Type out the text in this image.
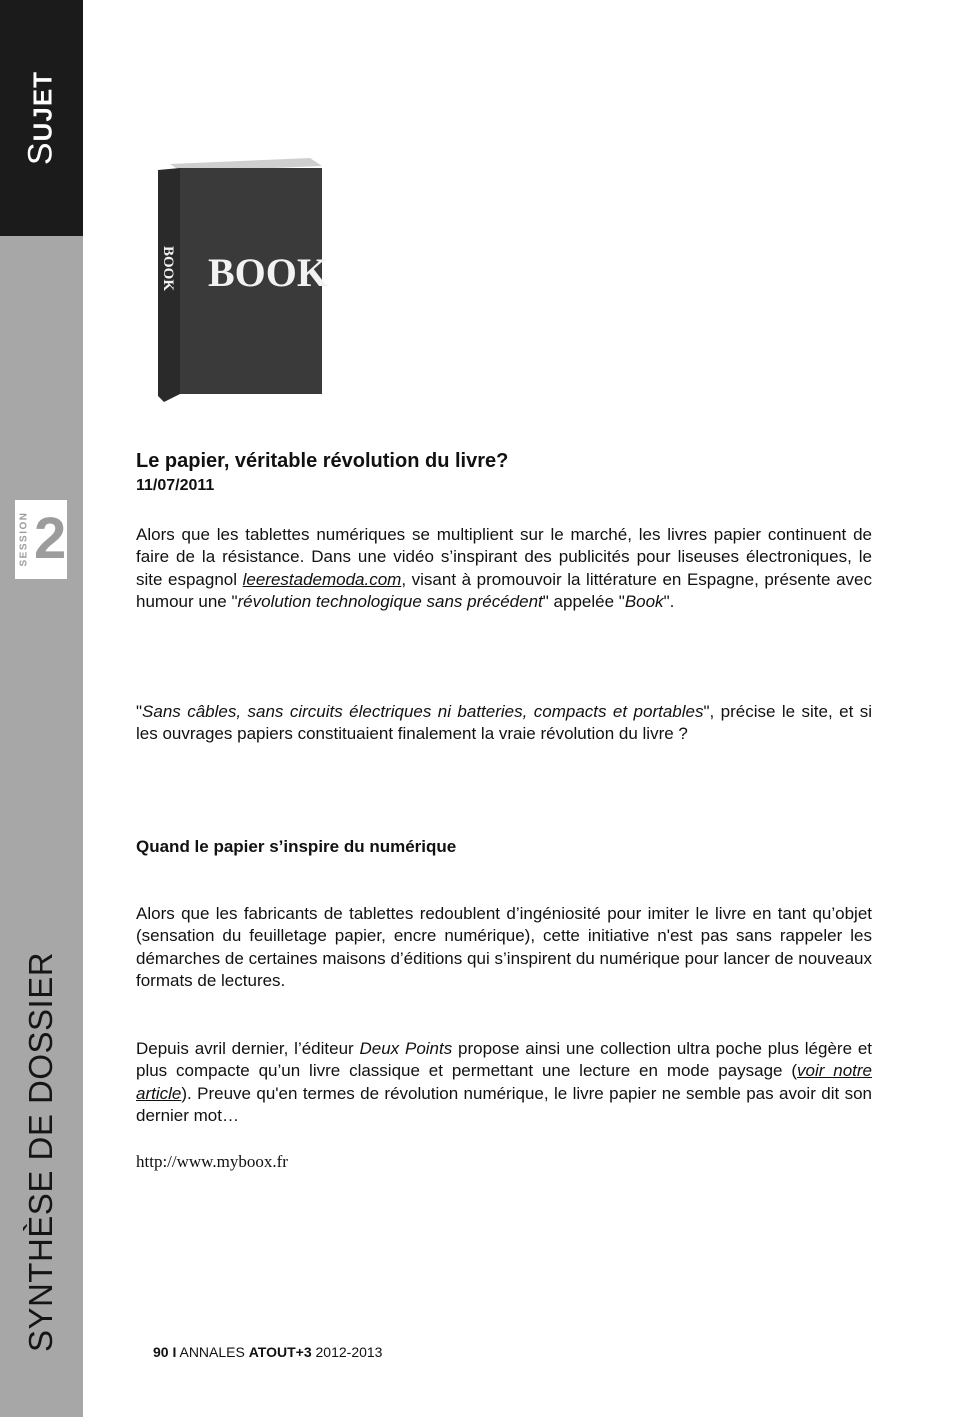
SUJET
SESSION 2
SYNTHÈSE DE DOSSIER
BOOK
BOOK
Le papier, véritable révolution du livre?
11/07/2011
Alors que les tablettes numériques se multiplient sur le marché, les livres papier continuent de faire de la résistance. Dans une vidéo s’inspirant des publicités pour liseuses électroniques, le site espagnol leerestademoda.com, visant à promouvoir la littérature en Espagne, présente avec humour une "révolution technologique sans précédent" appelée "Book".
"Sans câbles, sans circuits électriques ni batteries, compacts et portables", précise le site, et si les ouvrages papiers constituaient finalement la vraie révolution du livre ?
Quand le papier s’inspire du numérique
Alors que les fabricants de tablettes redoublent d’ingéniosité pour imiter le livre en tant qu’objet (sensation du feuilletage papier, encre numérique), cette initiative n'est pas sans rappeler les démarches de certaines maisons d’éditions qui s’inspirent du numérique pour lancer de nouveaux formats de lectures.
Depuis avril dernier, l’éditeur Deux Points propose ainsi une collection ultra poche plus légère et plus compacte qu’un livre classique et permettant une lecture en mode paysage (voir notre article). Preuve qu'en termes de révolution numérique, le livre papier ne semble pas avoir dit son dernier mot…
http://www.myboox.fr
90 I ANNALES ATOUT+3 2012-2013
